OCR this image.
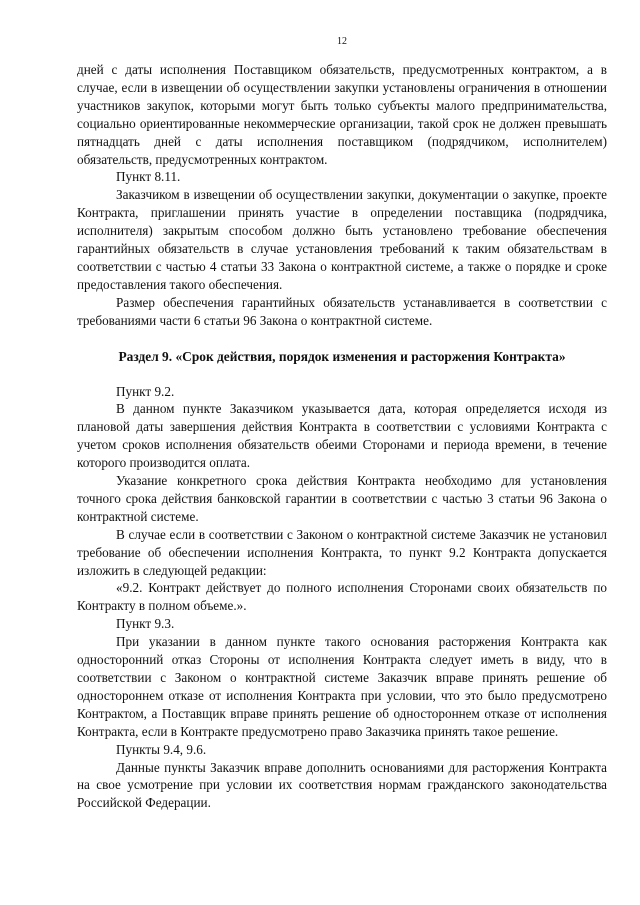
12

дней с даты исполнения Поставщиком обязательств, предусмотренных контрактом, а в случае, если в извещении об осуществлении закупки установлены ограничения в отношении участников закупок, которыми могут быть только субъекты малого предпринимательства, социально ориентированные некоммерческие организации, такой срок не должен превышать пятнадцать дней с даты исполнения поставщиком (подрядчиком, исполнителем) обязательств, предусмотренных контрактом.

Пункт 8.11.

Заказчиком в извещении об осуществлении закупки, документации о закупке, проекте Контракта, приглашении принять участие в определении поставщика (подрядчика, исполнителя) закрытым способом должно быть установлено требование обеспечения гарантийных обязательств в случае установления требований к таким обязательствам в соответствии с частью 4 статьи 33 Закона о контрактной системе, а также о порядке и сроке предоставления такого обеспечения.

Размер обеспечения гарантийных обязательств устанавливается в соответствии с требованиями части 6 статьи 96 Закона о контрактной системе.

Раздел 9. «Срок действия, порядок изменения и расторжения Контракта»

Пункт 9.2.

В данном пункте Заказчиком указывается дата, которая определяется исходя из плановой даты завершения действия Контракта в соответствии с условиями Контракта с учетом сроков исполнения обязательств обеими Сторонами и периода времени, в течение которого производится оплата.

Указание конкретного срока действия Контракта необходимо для установления точного срока действия банковской гарантии в соответствии с частью 3 статьи 96 Закона о контрактной системе.

В случае если в соответствии с Законом о контрактной системе Заказчик не установил требование об обеспечении исполнения Контракта, то пункт 9.2 Контракта допускается изложить в следующей редакции:

«9.2. Контракт действует до полного исполнения Сторонами своих обязательств по Контракту в полном объеме.».

Пункт 9.3.

При указании в данном пункте такого основания расторжения Контракта как односторонний отказ Стороны от исполнения Контракта следует иметь в виду, что в соответствии с Законом о контрактной системе Заказчик вправе принять решение об одностороннем отказе от исполнения Контракта при условии, что это было предусмотрено Контрактом, а Поставщик вправе принять решение об одностороннем отказе от исполнения Контракта, если в Контракте предусмотрено право Заказчика принять такое решение.

Пункты 9.4, 9.6.

Данные пункты Заказчик вправе дополнить основаниями для расторжения Контракта на свое усмотрение при условии их соответствия нормам гражданского законодательства Российской Федерации.
